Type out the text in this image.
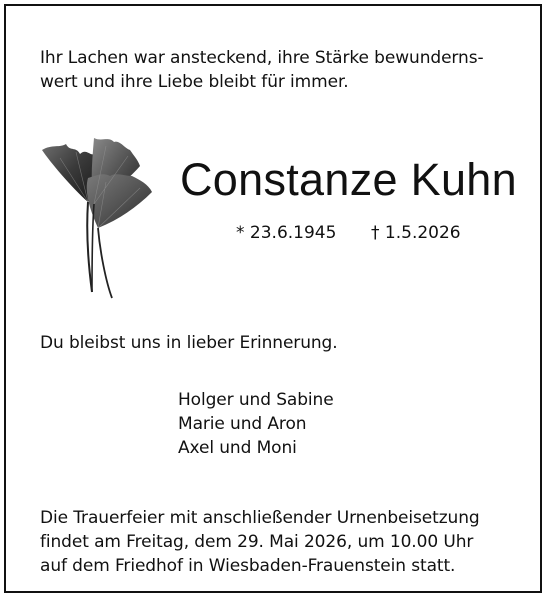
Ihr Lachen war ansteckend, ihre Stärke bewunderns-
wert und ihre Liebe bleibt für immer.
Constanze Kuhn
* 23.6.1945 † 1.5.2026
Du bleibst uns in lieber Erinnerung.
Holger und Sabine
Marie und Aron
Axel und Moni
Die Trauerfeier mit anschließender Urnenbeisetzung
findet am Freitag, dem 29. Mai 2026, um 10.00 Uhr
auf dem Friedhof in Wiesbaden-Frauenstein statt.
